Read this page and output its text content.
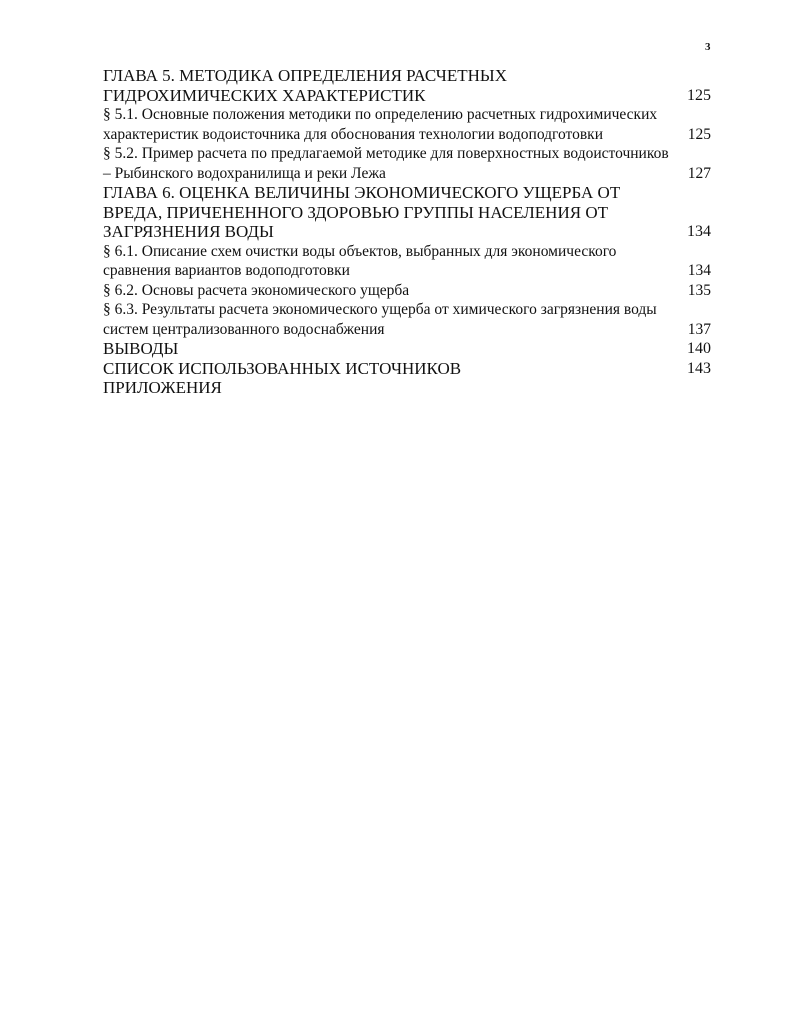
3
ГЛАВА 5. МЕТОДИКА ОПРЕДЕЛЕНИЯ РАСЧЕТНЫХ ГИДРОХИМИЧЕСКИХ ХАРАКТЕРИСТИК	125
§ 5.1. Основные положения методики по определению расчетных гидрохимических характеристик водоисточника для обоснования технологии водоподготовки	125
§ 5.2. Пример расчета по предлагаемой методике для поверхностных водоисточников – Рыбинского водохранилища и реки Лежа	127
ГЛАВА 6. ОЦЕНКА ВЕЛИЧИНЫ ЭКОНОМИЧЕСКОГО УЩЕРБА ОТ ВРЕДА, ПРИЧЕНЕННОГО ЗДОРОВЬЮ ГРУППЫ НАСЕЛЕНИЯ ОТ ЗАГРЯЗНЕНИЯ ВОДЫ	134
§ 6.1. Описание схем очистки воды объектов, выбранных для экономического сравнения вариантов водоподготовки	134
§ 6.2. Основы расчета экономического ущерба	135
§ 6.3. Результаты расчета экономического ущерба от химического загрязнения воды систем централизованного водоснабжения	137
ВЫВОДЫ	140
СПИСОК ИСПОЛЬЗОВАННЫХ ИСТОЧНИКОВ	143
ПРИЛОЖЕНИЯ
